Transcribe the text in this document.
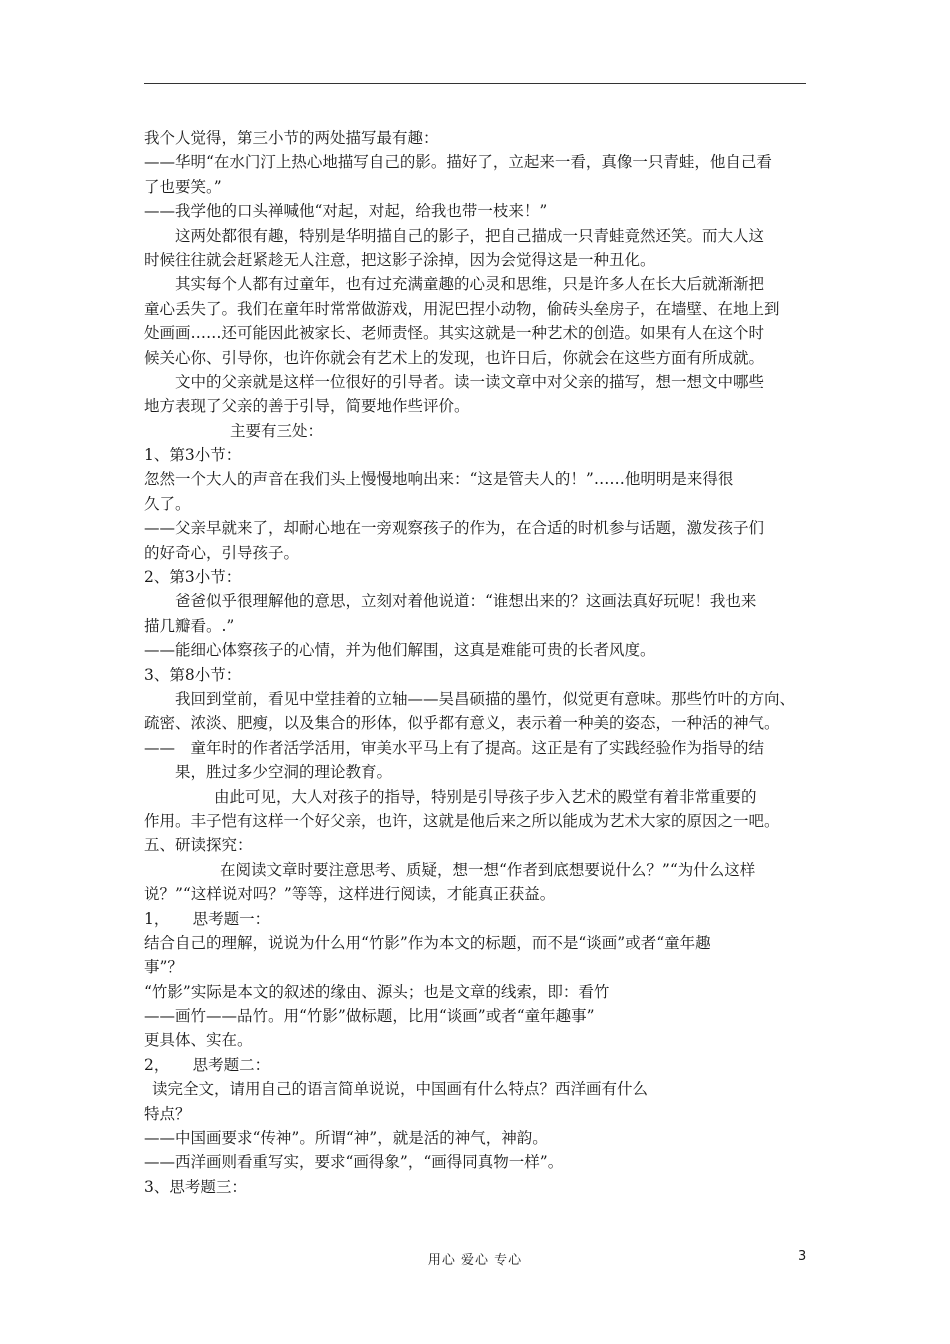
我个人觉得，第三小节的两处描写最有趣：
——华明“在水门汀上热心地描写自己的影。描好了，立起来一看，真像一只青蛙，他自己看
了也要笑。”
——我学他的口头禅喊他“对起，对起，给我也带一枝来！”
这两处都很有趣，特别是华明描自己的影子，把自己描成一只青蛙竟然还笑。而大人这
时候往往就会赶紧趁无人注意，把这影子涂掉，因为会觉得这是一种丑化。
其实每个人都有过童年，也有过充满童趣的心灵和思维，只是许多人在长大后就渐渐把
童心丢失了。我们在童年时常常做游戏，用泥巴捏小动物，偷砖头垒房子，在墙壁、在地上到
处画画……还可能因此被家长、老师责怪。其实这就是一种艺术的创造。如果有人在这个时
候关心你、引导你，也许你就会有艺术上的发现，也许日后，你就会在这些方面有所成就。
文中的父亲就是这样一位很好的引导者。读一读文章中对父亲的描写，想一想文中哪些
地方表现了父亲的善于引导，简要地作些评价。
主要有三处：
1、第3小节：
忽然一个大人的声音在我们头上慢慢地响出来：“这是管夫人的！”……他明明是来得很
久了。
——父亲早就来了，却耐心地在一旁观察孩子的作为，在合适的时机参与话题，激发孩子们
的好奇心，引导孩子。
2、第3小节：
爸爸似乎很理解他的意思，立刻对着他说道：“谁想出来的？这画法真好玩呢！我也来
描几瓣看。.”
——能细心体察孩子的心情，并为他们解围，这真是难能可贵的长者风度。
3、第8小节：
我回到堂前，看见中堂挂着的立轴——吴昌硕描的墨竹，似觉更有意味。那些竹叶的方向、
疏密、浓淡、肥瘦，以及集合的形体，似乎都有意义，表示着一种美的姿态，一种活的神气。
——　童年时的作者活学活用，审美水平马上有了提高。这正是有了实践经验作为指导的结
果，胜过多少空洞的理论教育。
由此可见，大人对孩子的指导，特别是引导孩子步入艺术的殿堂有着非常重要的
作用。丰子恺有这样一个好父亲，也许，这就是他后来之所以能成为艺术大家的原因之一吧。
五、研读探究：
在阅读文章时要注意思考、质疑，想一想“作者到底想要说什么？”“为什么这样
说？”“这样说对吗？”等等，这样进行阅读，才能真正获益。
1，　　思考题一：
结合自己的理解，说说为什么用“竹影”作为本文的标题，而不是“谈画”或者“童年趣
事”？
“竹影”实际是本文的叙述的缘由、源头；也是文章的线索，即：看竹
——画竹——品竹。用“竹影”做标题，比用“谈画”或者“童年趣事”
更具体、实在。
2，　　思考题二：
读完全文，请用自己的语言简单说说，中国画有什么特点？西洋画有什么
特点？
——中国画要求“传神”。所谓“神”，就是活的神气，神韵。
——西洋画则看重写实，要求“画得象”，“画得同真物一样”。
3、思考题三：
用心 爱心 专心	3
